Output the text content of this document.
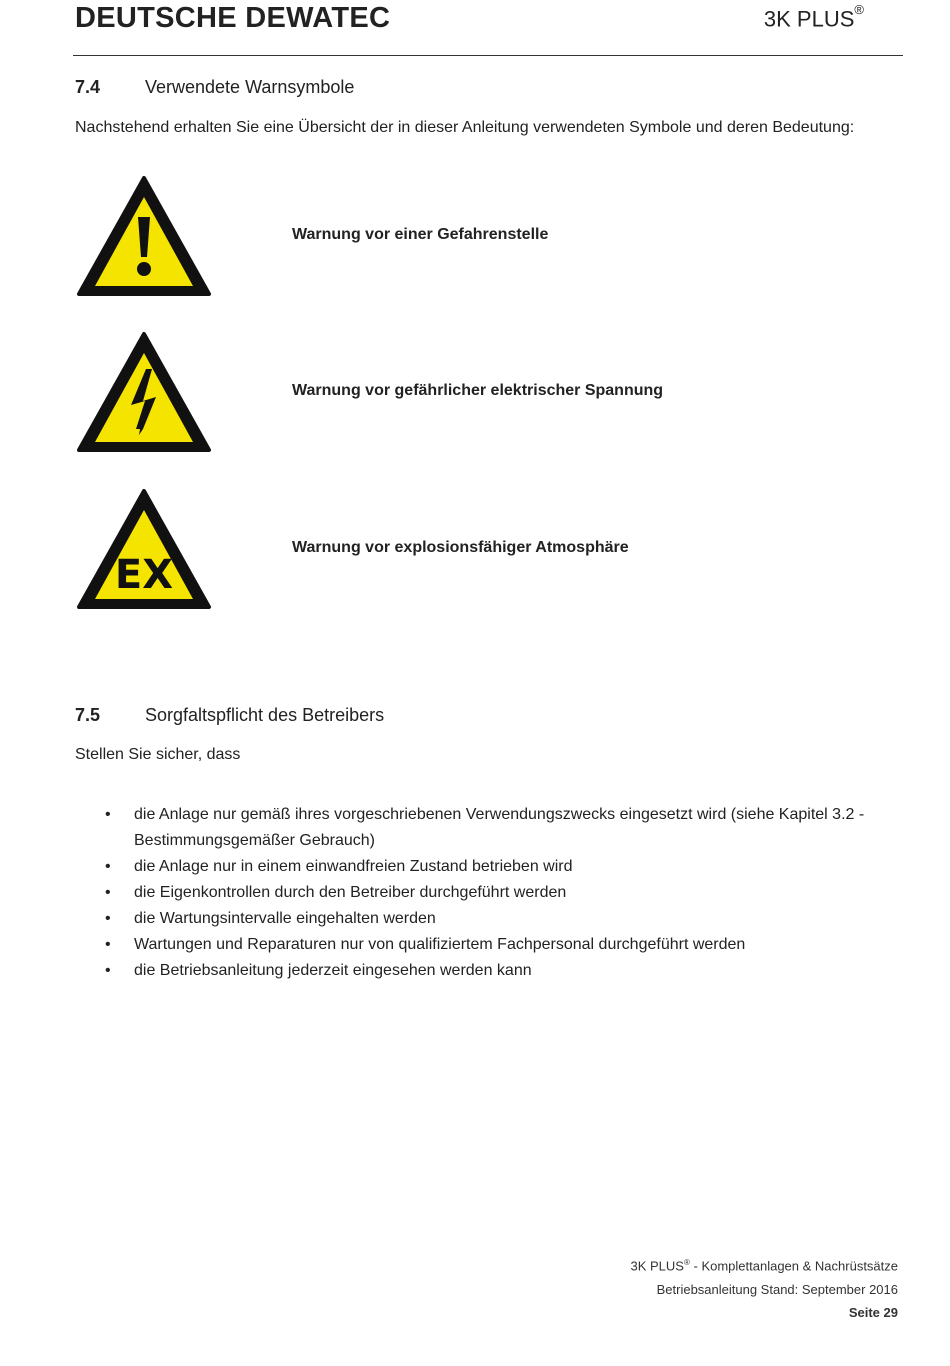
DEUTSCHE DEWATEC	3K PLUS®
7.4 Verwendete Warnsymbole
Nachstehend erhalten Sie eine Übersicht der in dieser Anleitung verwendeten Symbole und deren Bedeutung:
Warnung vor einer Gefahrenstelle
Warnung vor gefährlicher elektrischer Spannung
EX
Warnung vor explosionsfähiger Atmosphäre
7.5 Sorgfaltspflicht des Betreibers
Stellen Sie sicher, dass
• die Anlage nur gemäß ihres vorgeschriebenen Verwendungszwecks eingesetzt wird (siehe Kapitel 3.2 - Bestimmungsgemäßer Gebrauch)
• die Anlage nur in einem einwandfreien Zustand betrieben wird
• die Eigenkontrollen durch den Betreiber durchgeführt werden
• die Wartungsintervalle eingehalten werden
• Wartungen und Reparaturen nur von qualifiziertem Fachpersonal durchgeführt werden
• die Betriebsanleitung jederzeit eingesehen werden kann
3K PLUS® - Komplettanlagen & Nachrüstsätze
Betriebsanleitung Stand: September 2016
Seite 29
